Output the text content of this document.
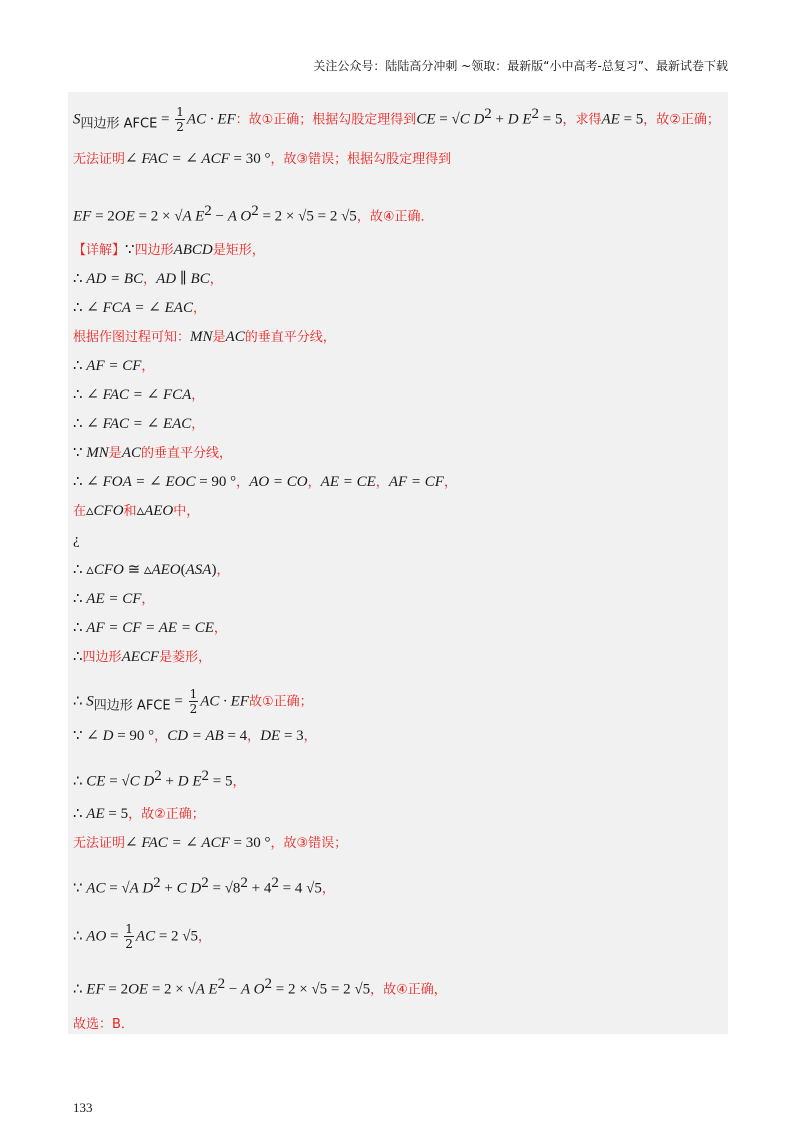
关注公众号：陆陆高分冲刺 ~领取：最新版“小中高考-总复习”、最新试卷下载
$S_{四边形 AFCE} = \frac{1}{2}$ AC · EF：故①正确；根据勾股定理得到CE = √C $D^2 + D$ $E^2 = 5$，求得AE = 5，故②正确；
无法证明∠ FAC = ∠ ACF = 30 °，故③错误；根据勾股定理得到
EF = 2OE = 2 × √A $E^2 - A$ $O^2 = 2 \times √5 = 2$ √5，故④正确．
【详解】∵四边形ABCD是矩形，
∴ AD = BC，AD ∥ BC，
∴ ∠ FCA = ∠ EAC，
根据作图过程可知：MN是AC的垂直平分线，
∴ AF = CF，
∴ ∠ FAC = ∠ FCA，
∴ ∠ FAC = ∠ EAC，
∵ MN是AC的垂直平分线，
∴ ∠ FOA = ∠ EOC = 90 °，AO = CO，AE = CE，AF = CF，
在▵CFO和▵AEO中，
¿
∴ ▵CFO ≅ ▵AEO(ASA)，
∴ AE = CF，
∴ AF = CF = AE = CE，
∴四边形AECF是菱形，
∴ $S_{四边形 AFCE} = \frac{1}{2}$ AC · EF故①正确；
∵ ∠ D = 90 °，CD = AB = 4，DE = 3，
∴ CE = √C $D^2 + D$ $E^2 = 5$，
∴ AE = 5，故②正确；
无法证明∠ FAC = ∠ ACF = 30 °，故③错误；
∵ AC = √A $D^2 + C$ $D^2 = √8^2 + 4^2 = 4$ √5，
∴ AO = $\frac{1}{2}$ AC = 2 √5，
∴ EF = 2OE = 2 × √A $E^2 - A$ $O^2 = 2 \times √5 = 2$ √5，故④正确，
故选：B．
133
